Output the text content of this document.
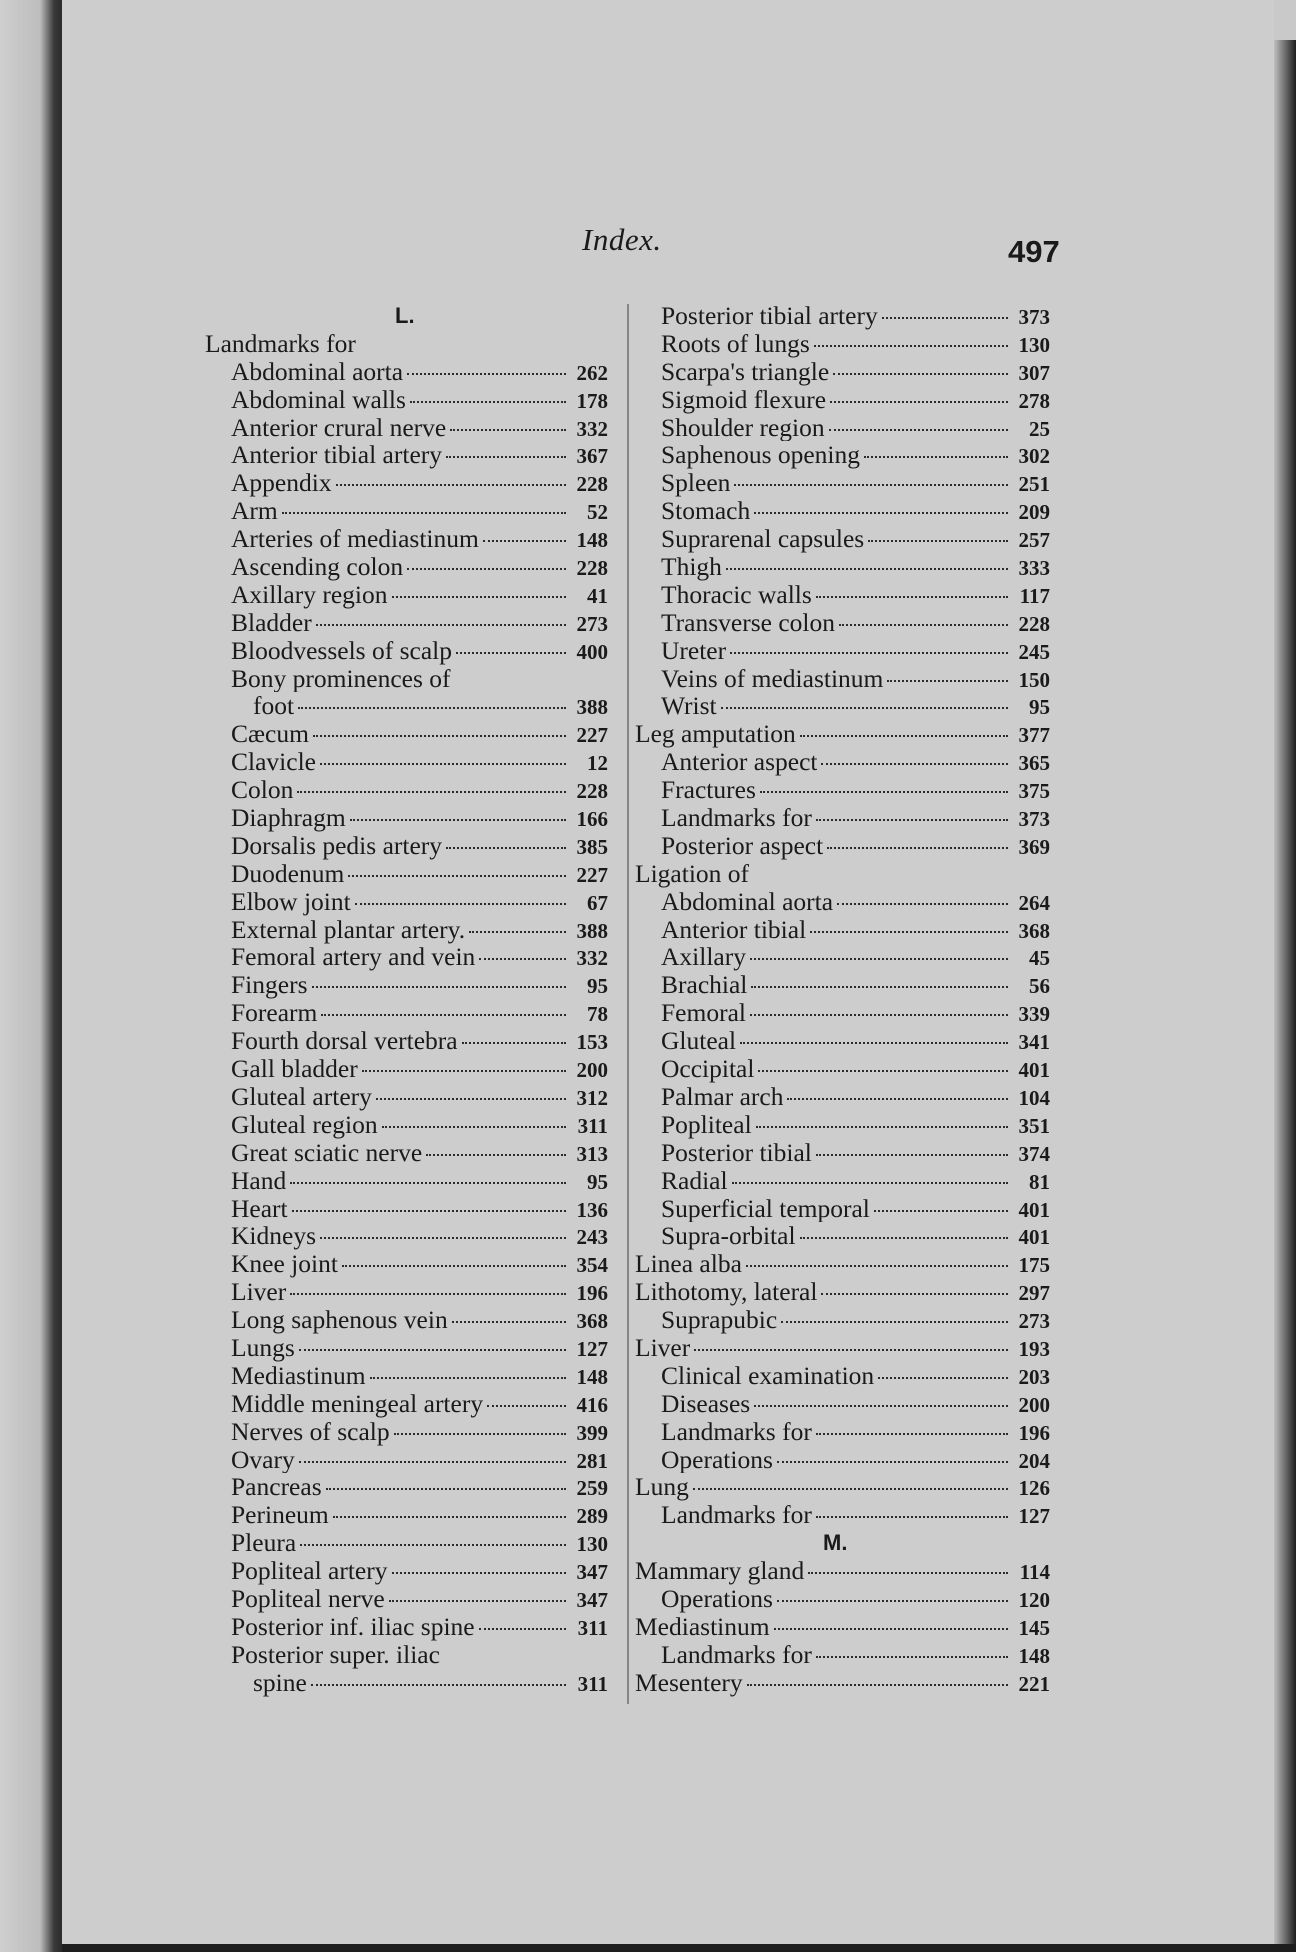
Index.	497
L.
Landmarks for
Abdominal aorta	262
Abdominal walls	178
Anterior crural nerve	332
Anterior tibial artery	367
Appendix	228
Arm	52
Arteries of mediastinum	148
Ascending colon	228
Axillary region	41
Bladder	273
Bloodvessels of scalp	400
Bony prominences of
foot	388
Cæcum	227
Clavicle	12
Colon	228
Diaphragm	166
Dorsalis pedis artery	385
Duodenum	227
Elbow joint	67
External plantar artery.	388
Femoral artery and vein	332
Fingers	95
Forearm	78
Fourth dorsal vertebra	153
Gall bladder	200
Gluteal artery	312
Gluteal region	311
Great sciatic nerve	313
Hand	95
Heart	136
Kidneys	243
Knee joint	354
Liver	196
Long saphenous vein	368
Lungs	127
Mediastinum	148
Middle meningeal artery	416
Nerves of scalp	399
Ovary	281
Pancreas	259
Perineum	289
Pleura	130
Popliteal artery	347
Popliteal nerve	347
Posterior inf. iliac spine	311
Posterior super. iliac
spine	311
Posterior tibial artery	373
Roots of lungs	130
Scarpa's triangle	307
Sigmoid flexure	278
Shoulder region	25
Saphenous opening	302
Spleen	251
Stomach	209
Suprarenal capsules	257
Thigh	333
Thoracic walls	117
Transverse colon	228
Ureter	245
Veins of mediastinum	150
Wrist	95
Leg amputation	377
Anterior aspect	365
Fractures	375
Landmarks for	373
Posterior aspect	369
Ligation of
Abdominal aorta	264
Anterior tibial	368
Axillary	45
Brachial	56
Femoral	339
Gluteal	341
Occipital	401
Palmar arch	104
Popliteal	351
Posterior tibial	374
Radial	81
Superficial temporal	401
Supra-orbital	401
Linea alba	175
Lithotomy, lateral	297
Suprapubic	273
Liver	193
Clinical examination	203
Diseases	200
Landmarks for	196
Operations	204
Lung	126
Landmarks for	127
M.
Mammary gland	114
Operations	120
Mediastinum	145
Landmarks for	148
Mesentery	221
